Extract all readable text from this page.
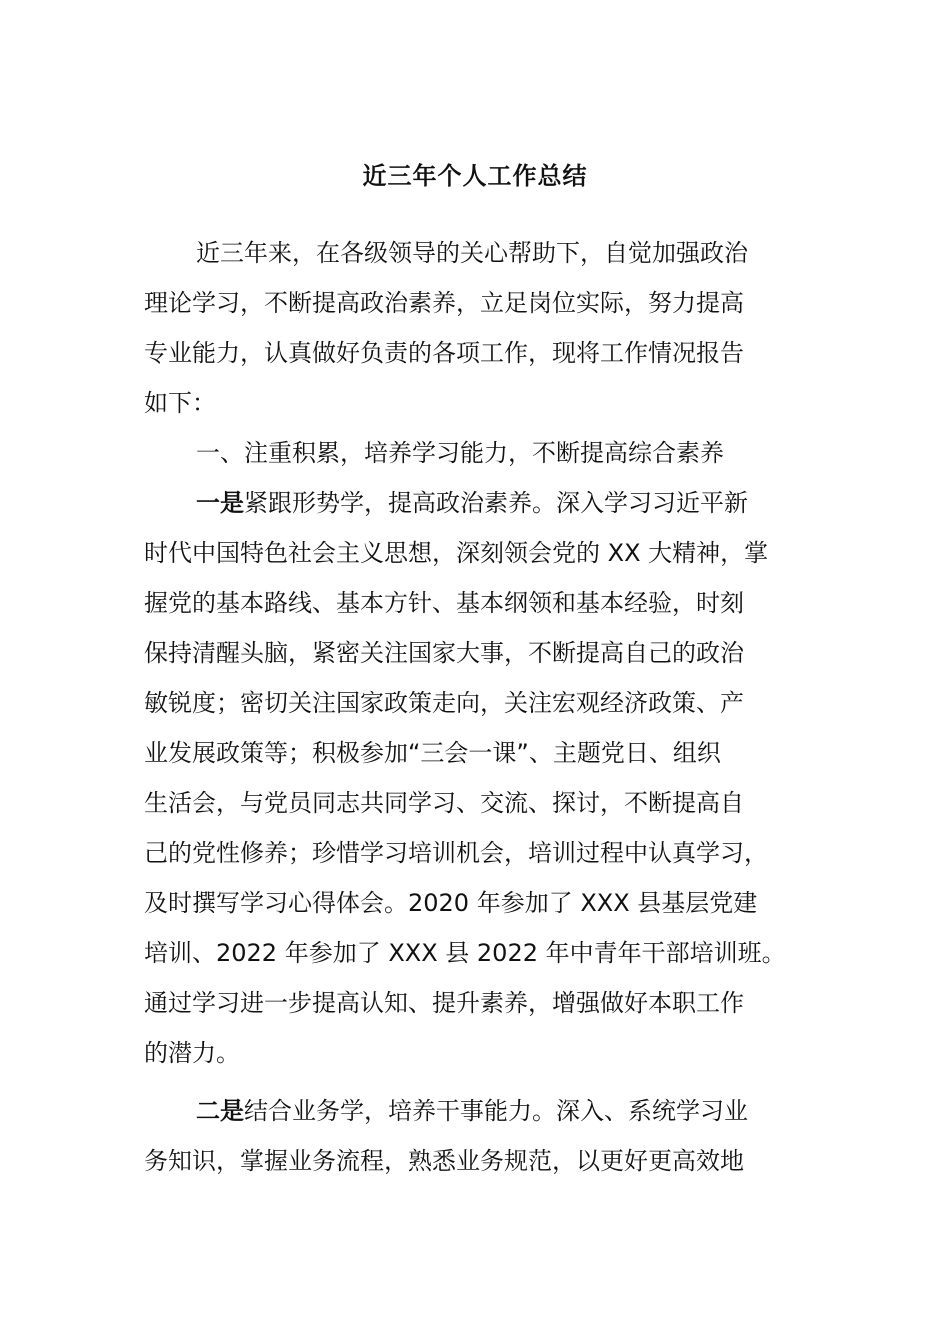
近三年个人工作总结
近三年来，在各级领导的关心帮助下，自觉加强政治
理论学习，不断提高政治素养，立足岗位实际，努力提高
专业能力，认真做好负责的各项工作，现将工作情况报告
如下：
一、注重积累，培养学习能力，不断提高综合素养
一是紧跟形势学，提高政治素养。深入学习习近平新
时代中国特色社会主义思想，深刻领会党的 XX 大精神，掌
握党的基本路线、基本方针、基本纲领和基本经验，时刻
保持清醒头脑，紧密关注国家大事，不断提高自己的政治
敏锐度；密切关注国家政策走向，关注宏观经济政策、产
业发展政策等；积极参加“三会一课”、主题党日、组织
生活会，与党员同志共同学习、交流、探讨，不断提高自
己的党性修养；珍惜学习培训机会，培训过程中认真学习，
及时撰写学习心得体会。2020 年参加了 XXX 县基层党建
培训、2022 年参加了 XXX 县 2022 年中青年干部培训班。
通过学习进一步提高认知、提升素养，增强做好本职工作
的潜力。
二是结合业务学，培养干事能力。深入、系统学习业
务知识，掌握业务流程，熟悉业务规范，以更好更高效地
